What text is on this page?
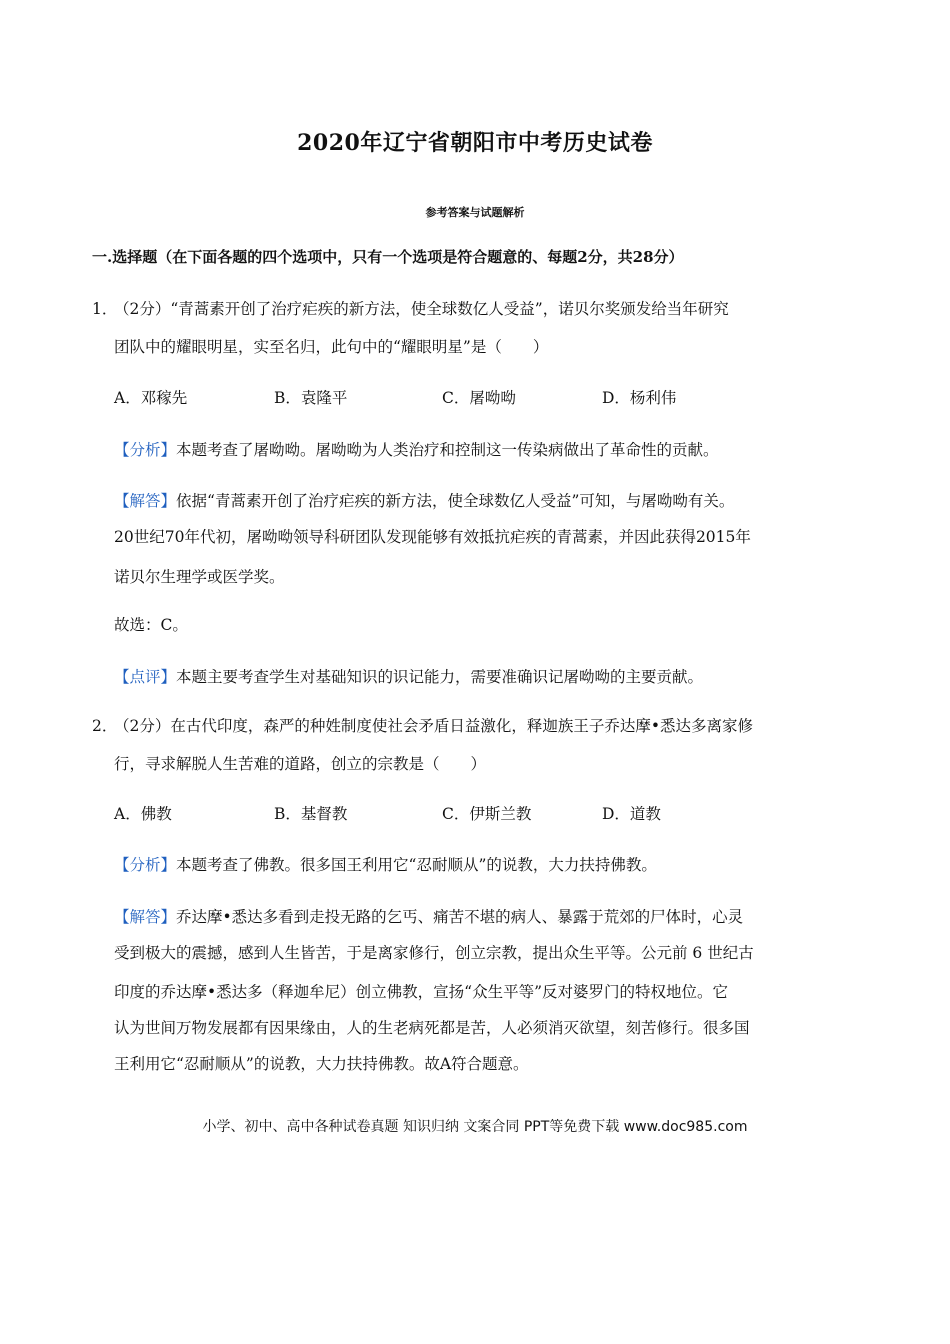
2020年辽宁省朝阳市中考历史试卷
参考答案与试题解析
一.选择题（在下面各题的四个选项中，只有一个选项是符合题意的、每题2分，共28分）
1．
（2分）“青蒿素开创了治疗疟疾的新方法，使全球数亿人受益”，诺贝尔奖颁发给当年研究
团队中的耀眼明星，实至名归，此句中的“耀眼明星”是（　　）
A．邓稼先	B．袁隆平	C．屠呦呦	D．杨利伟
【分析】本题考查了屠呦呦。屠呦呦为人类治疗和控制这一传染病做出了革命性的贡献。
【解答】依据“青蒿素开创了治疗疟疾的新方法，使全球数亿人受益”可知，与屠呦呦有关。
20世纪70年代初，屠呦呦领导科研团队发现能够有效抵抗疟疾的青蒿素，并因此获得2015年
诺贝尔生理学或医学奖。
故选：C。
【点评】本题主要考查学生对基础知识的识记能力，需要准确识记屠呦呦的主要贡献。
2．
（2分）在古代印度，森严的种姓制度使社会矛盾日益激化，释迦族王子乔达摩•悉达多离家修
行，寻求解脱人生苦难的道路，创立的宗教是（　　）
A．佛教	B．基督教	C．伊斯兰教	D．道教
【分析】本题考查了佛教。很多国王利用它“忍耐顺从”的说教，大力扶持佛教。
【解答】乔达摩•悉达多看到走投无路的乞丐、痛苦不堪的病人、暴露于荒郊的尸体时，心灵
受到极大的震撼，感到人生皆苦，于是离家修行，创立宗教，提出众生平等。公元前 6 世纪古
印度的乔达摩•悉达多（释迦牟尼）创立佛教，宣扬“众生平等”反对婆罗门的特权地位。它
认为世间万物发展都有因果缘由，人的生老病死都是苦，人必须消灭欲望，刻苦修行。很多国
王利用它“忍耐顺从”的说教，大力扶持佛教。故A符合题意。
小学、初中、高中各种试卷真题 知识归纳 文案合同 PPT等免费下载 www.doc985.com
